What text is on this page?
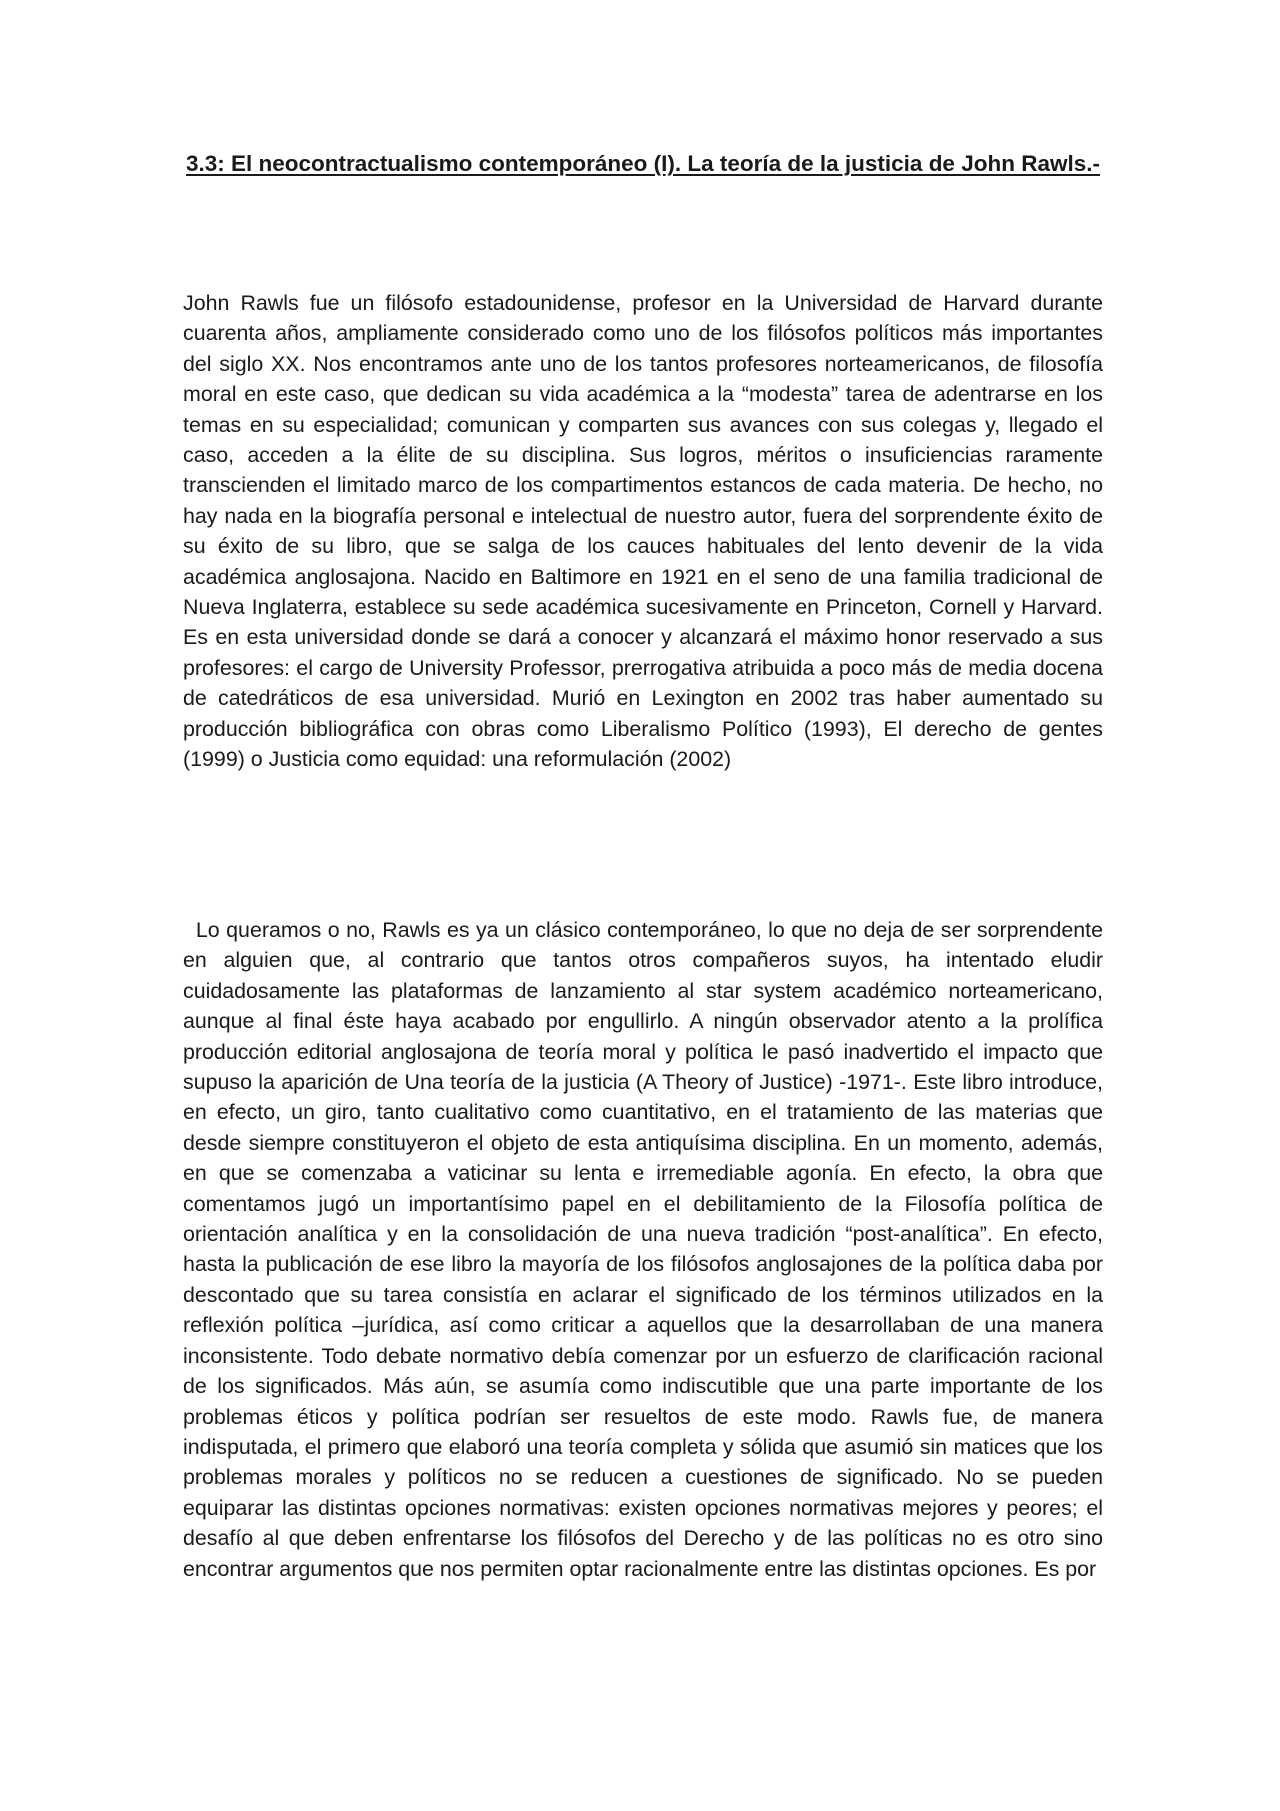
3.3: El neocontractualismo contemporáneo (I). La teoría de la justicia de John Rawls.-

John Rawls fue un filósofo estadounidense, profesor en la Universidad de Harvard durante cuarenta años, ampliamente considerado como uno de los filósofos políticos más importantes del siglo XX. Nos encontramos ante uno de los tantos profesores norteamericanos, de filosofía moral en este caso, que dedican su vida académica a la “modesta” tarea de adentrarse en los temas en su especialidad; comunican y comparten sus avances con sus colegas y, llegado el caso, acceden a la élite de su disciplina. Sus logros, méritos o insuficiencias raramente transcienden el limitado marco de los compartimentos estancos de cada materia. De hecho, no hay nada en la biografía personal e intelectual de nuestro autor, fuera del sorprendente éxito de su éxito de su libro, que se salga de los cauces habituales del lento devenir de la vida académica anglosajona. Nacido en Baltimore en 1921 en el seno de una familia tradicional de Nueva Inglaterra, establece su sede académica sucesivamente en Princeton, Cornell y Harvard. Es en esta universidad donde se dará a conocer y alcanzará el máximo honor reservado a sus profesores: el cargo de University Professor, prerrogativa atribuida a poco más de media docena de catedráticos de esa universidad. Murió en Lexington en 2002 tras haber aumentado su producción bibliográfica con obras como Liberalismo Político (1993), El derecho de gentes (1999) o Justicia como equidad: una reformulación (2002)

Lo queramos o no, Rawls es ya un clásico contemporáneo, lo que no deja de ser sorprendente en alguien que, al contrario que tantos otros compañeros suyos, ha intentado eludir cuidadosamente las plataformas de lanzamiento al star system académico norteamericano, aunque al final éste haya acabado por engullirlo. A ningún observador atento a la prolífica producción editorial anglosajona de teoría moral y política le pasó inadvertido el impacto que supuso la aparición de Una teoría de la justicia (A Theory of Justice) -1971-. Este libro introduce, en efecto, un giro, tanto cualitativo como cuantitativo, en el tratamiento de las materias que desde siempre constituyeron el objeto de esta antiquísima disciplina. En un momento, además, en que se comenzaba a vaticinar su lenta e irremediable agonía. En efecto, la obra que comentamos jugó un importantísimo papel en el debilitamiento de la Filosofía política de orientación analítica y en la consolidación de una nueva tradición “post-analítica”. En efecto, hasta la publicación de ese libro la mayoría de los filósofos anglosajones de la política daba por descontado que su tarea consistía en aclarar el significado de los términos utilizados en la reflexión política –jurídica, así como criticar a aquellos que la desarrollaban de una manera inconsistente. Todo debate normativo debía comenzar por un esfuerzo de clarificación racional de los significados. Más aún, se asumía como indiscutible que una parte importante de los problemas éticos y política podrían ser resueltos de este modo. Rawls fue, de manera indisputada, el primero que elaboró una teoría completa y sólida que asumió sin matices que los problemas morales y políticos no se reducen a cuestiones de significado. No se pueden equiparar las distintas opciones normativas: existen opciones normativas mejores y peores; el desafío al que deben enfrentarse los filósofos del Derecho y de las políticas no es otro sino encontrar argumentos que nos permiten optar racionalmente entre las distintas opciones. Es por
